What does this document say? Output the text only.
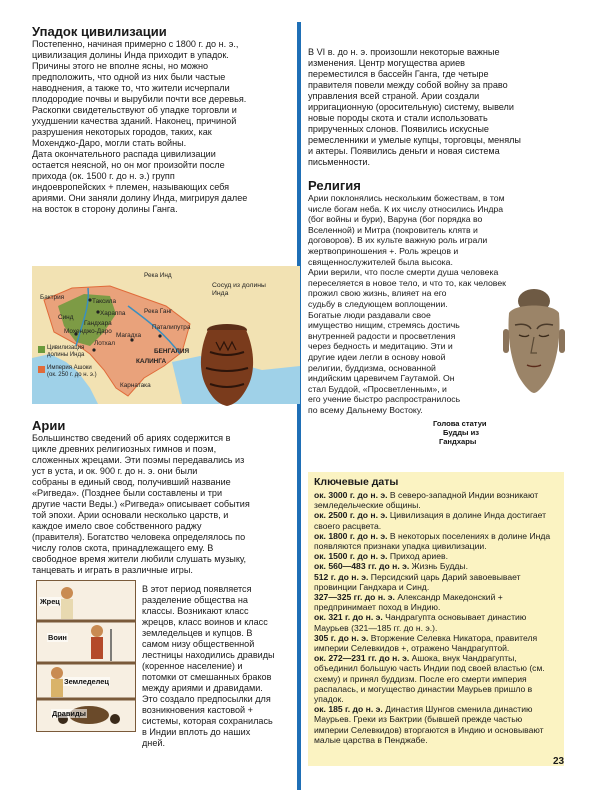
Упадок цивилизации
Постепенно, начиная примерно с 1800 г. до н. э.,
цивилизация долины Инда приходит в упадок.
Причины этого не вполне ясны, но можно
предположить, что одной из них были частые
наводнения, а также то, что жители исчерпали
плодородие почвы и вырубили почти все деревья.
Раскопки свидетельствуют об упадке торговли и
ухудшении качества зданий. Наконец, причиной
разрушения некоторых городов, таких, как
Мохенджо-Даро, могли стать войны.
Дата окончательного распада цивилизации
остается неясной, но он мог произойти после
прихода (ок. 1500 г. до н. э.) групп
индоевропейских + племен, называющих себя
ариями. Они заняли долину Инда, мигрируя далее
на восток в сторону долины Ганга.
Бактрия
Река Инд
Река Ганг
Таксила
Хараппа
Гандхара
Синд
Мохенджо-Даро
Лотхал
Магадха
Паталипутра
БЕНГАЛИЯ
КАЛИНГА
Карнатака
Цивилизация долины Инда
Империя Ашоки (ок. 250 г. до н. э.)
Сосуд из долины Инда
Арии
Большинство сведений об ариях содержится в
цикле древних религиозных гимнов и поэм,
сложенных жрецами. Эти поэмы передавались из
уст в уста, и ок. 900 г. до н. э. они были
собраны в единый свод, получивший название
«Ригведа». (Позднее были составлены и три
другие части Веды.) «Ригведа» описывает события
той эпохи. Арии основали несколько царств, и
каждое имело свое собственного раджу
(правителя). Богатство человека определялось по
числу голов скота, принадлежащего ему. В
свободное время жители любили слушать музыку,
танцевать и играть в различные игры.
Жрец
Воин
Земледелец
Дравиды
В этот период появляется
разделение общества на
классы. Возникают класс
жрецов, класс воинов и класс
земледельцев и купцов. В
самом низу общественной
лестницы находились дравиды
(коренное население) и
потомки от смешанных браков
между ариями и дравидами.
Это создало предпосылки для
возникновения кастовой +
системы, которая сохранилась
в Индии вплоть до наших
дней.
В VI в. до н. э. произошли некоторые важные
изменения. Центр могущества ариев
переместился в бассейн Ганга, где четыре
правителя повели между собой войну за право
управления всей страной. Арии создали
ирригационную (оросительную) систему, вывели
новые породы скота и стали использовать
прирученных слонов. Появились искусные
ремесленники и умелые купцы, торговцы, менялы
и актеры. Появились деньги и новая система
письменности.
Религия
Арии поклонялись нескольким божествам, в том
числе богам неба. К их числу относились Индра
(бог войны и бури), Варуна (бог порядка во
Вселенной) и Митра (покровитель клятв и
договоров). В их культе важную роль играли
жертвоприношения +. Роль жрецов и
священнослужителей была высока.
Арии верили, что после смерти душа человека
переселяется в новое тело, и что то, как человек
прожил свою жизнь, влияет на его
судьбу в следующем воплощении.
Богатые люди раздавали свое
имущество нищим, стремясь достичь
внутренней радости и просветления
через бедность и медитацию. Эти и
другие идеи легли в основу новой
религии, буддизма, основанной
индийским царевичем Гаутамой. Он
стал Буддой, «Просветленным», и
его учение быстро распространилось
по всему Дальнему Востоку.
Голова статуи
Будды из
Гандхары
Ключевые даты
ок. 3000 г. до н. э. В северо-западной Индии возникают земледельческие общины.
ок. 2500 г. до н. э. Цивилизация в долине Инда достигает своего расцвета.
ок. 1800 г. до н. э. В некоторых поселениях в долине Инда появляются признаки упадка цивилизации.
ок. 1500 г. до н. э. Приход ариев.
ок. 560—483 гг. до н. э. Жизнь Будды.
512 г. до н. э. Персидский царь Дарий завоевывает провинции Гандхара и Синд.
327—325 гг. до н. э. Александр Македонский + предпринимает поход в Индию.
ок. 321 г. до н. э. Чандрагупта основывает династию Маурьев (321—185 гг. до н. э.).
305 г. до н. э. Вторжение Селевка Никатора, правителя империи Селевкидов +, отражено Чандрагуптой.
ок. 272—231 гг. до н. э. Ашока, внук Чандрагупты, объединил большую часть Индии под своей властью (см. схему) и принял буддизм. После его смерти империя распалась, и могущество династии Маурьев пришло в упадок.
ок. 185 г. до н. э. Династия Шунгов сменила династию Маурьев. Греки из Бактрии (бывшей прежде частью империи Селевкидов) вторгаются в Индию и основывают малые царства в Пенджабе.
23
